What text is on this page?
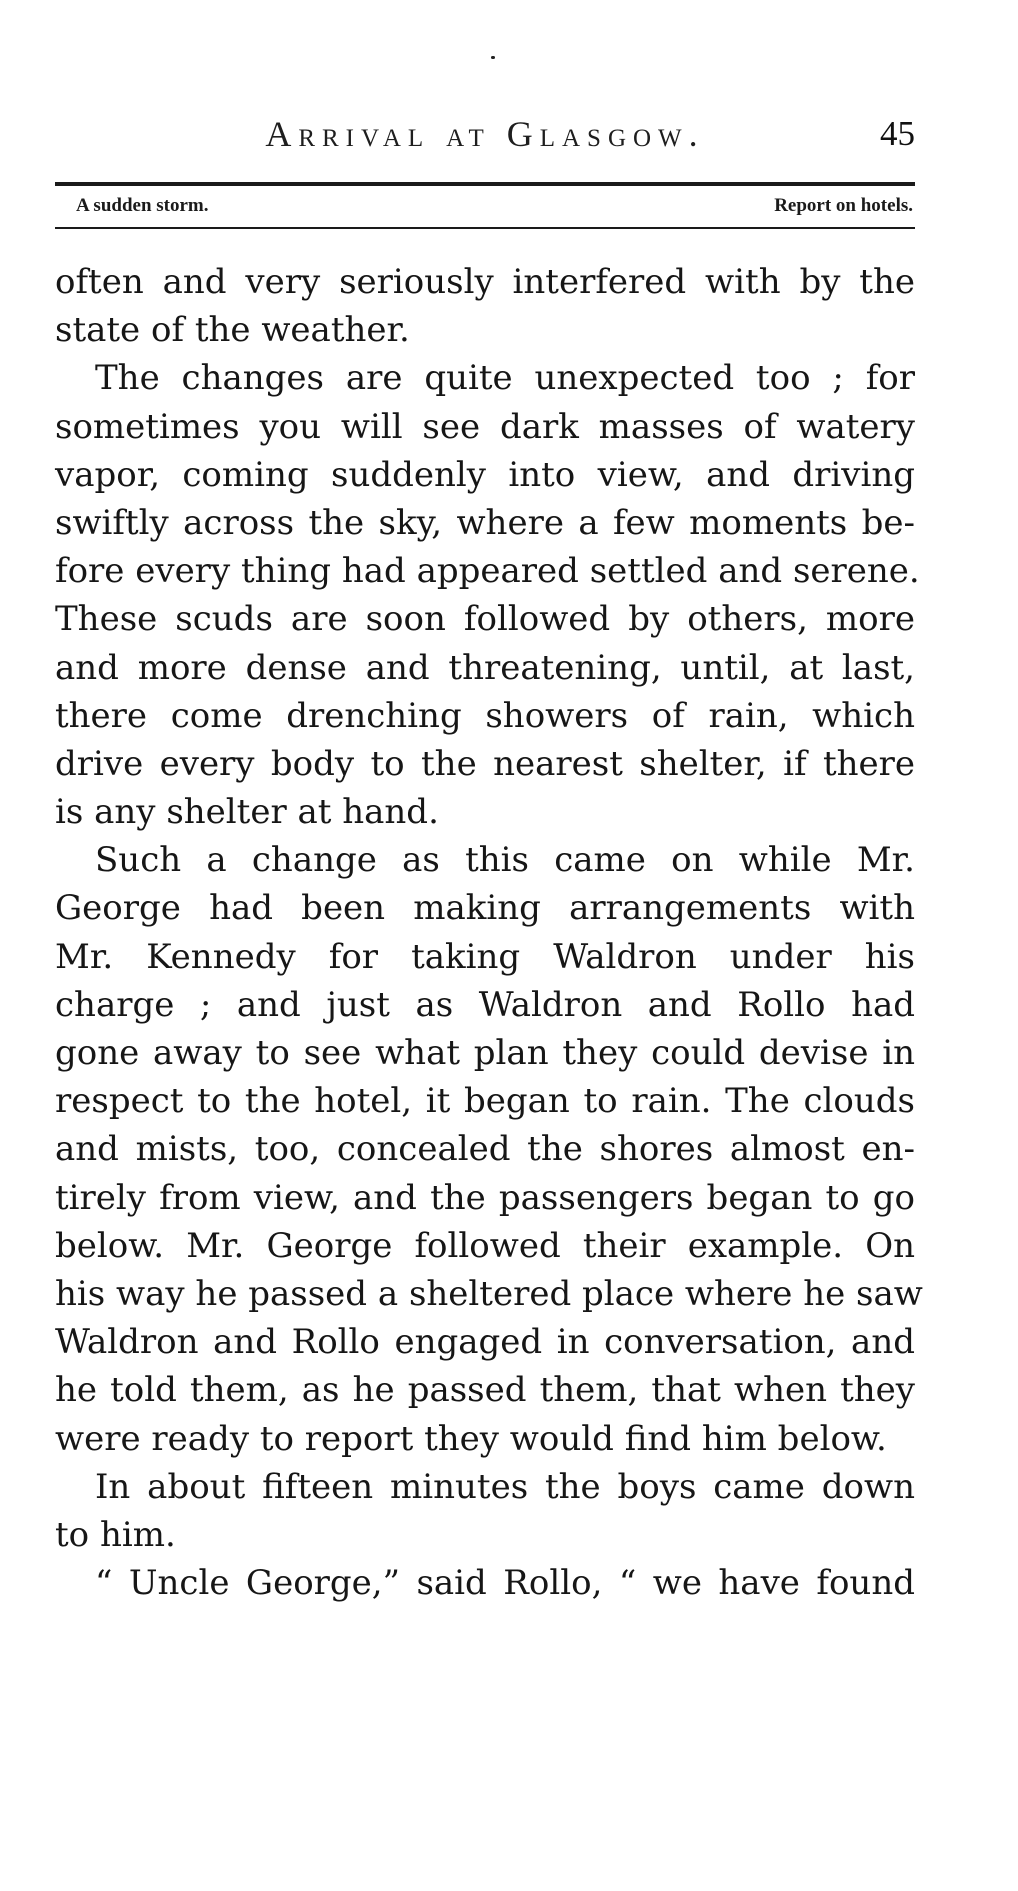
Arrival at Glasgow.	45
A sudden storm.	Report on hotels.
often and very seriously interfered with by the
state of the weather.
The changes are quite unexpected too ; for
sometimes you will see dark masses of watery
vapor, coming suddenly into view, and driving
swiftly across the sky, where a few moments be-
fore every thing had appeared settled and serene.
These scuds are soon followed by others, more
and more dense and threatening, until, at last,
there come drenching showers of rain, which
drive every body to the nearest shelter, if there
is any shelter at hand.
Such a change as this came on while Mr.
George had been making arrangements with
Mr. Kennedy for taking Waldron under his
charge ; and just as Waldron and Rollo had
gone away to see what plan they could devise in
respect to the hotel, it began to rain. The clouds
and mists, too, concealed the shores almost en-
tirely from view, and the passengers began to go
below. Mr. George followed their example. On
his way he passed a sheltered place where he saw
Waldron and Rollo engaged in conversation, and
he told them, as he passed them, that when they
were ready to report they would find him below.
In about fifteen minutes the boys came down
to him.
“ Uncle George,” said Rollo, “ we have found
